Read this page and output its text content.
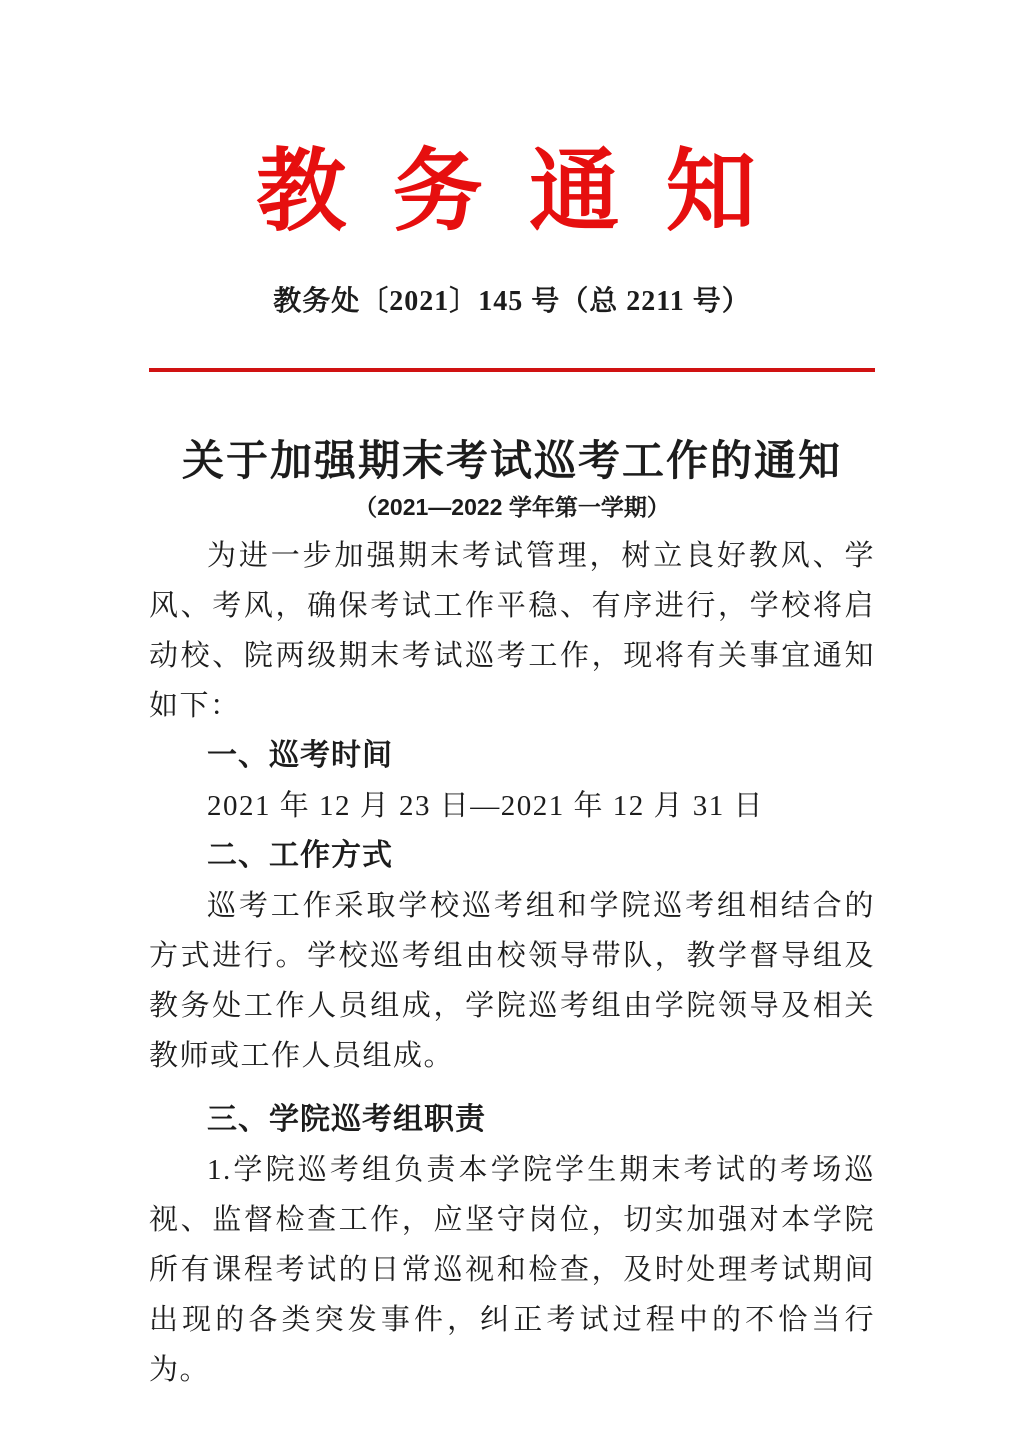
教 务 通 知
教务处〔2021〕145 号（总 2211 号）
关于加强期末考试巡考工作的通知
（2021—2022 学年第一学期）

为进一步加强期末考试管理，树立良好教风、学风、考风，确保考试工作平稳、有序进行，学校将启动校、院两级期末考试巡考工作，现将有关事宜通知如下：

一、巡考时间

2021 年 12 月 23 日—2021 年 12 月 31 日

二、工作方式

巡考工作采取学校巡考组和学院巡考组相结合的方式进行。学校巡考组由校领导带队，教学督导组及教务处工作人员组成，学院巡考组由学院领导及相关教师或工作人员组成。

三、学院巡考组职责

1.学院巡考组负责本学院学生期末考试的考场巡视、监督检查工作，应坚守岗位，切实加强对本学院所有课程考试的日常巡视和检查，及时处理考试期间出现的各类突发事件，纠正考试过程中的不恰当行为。
